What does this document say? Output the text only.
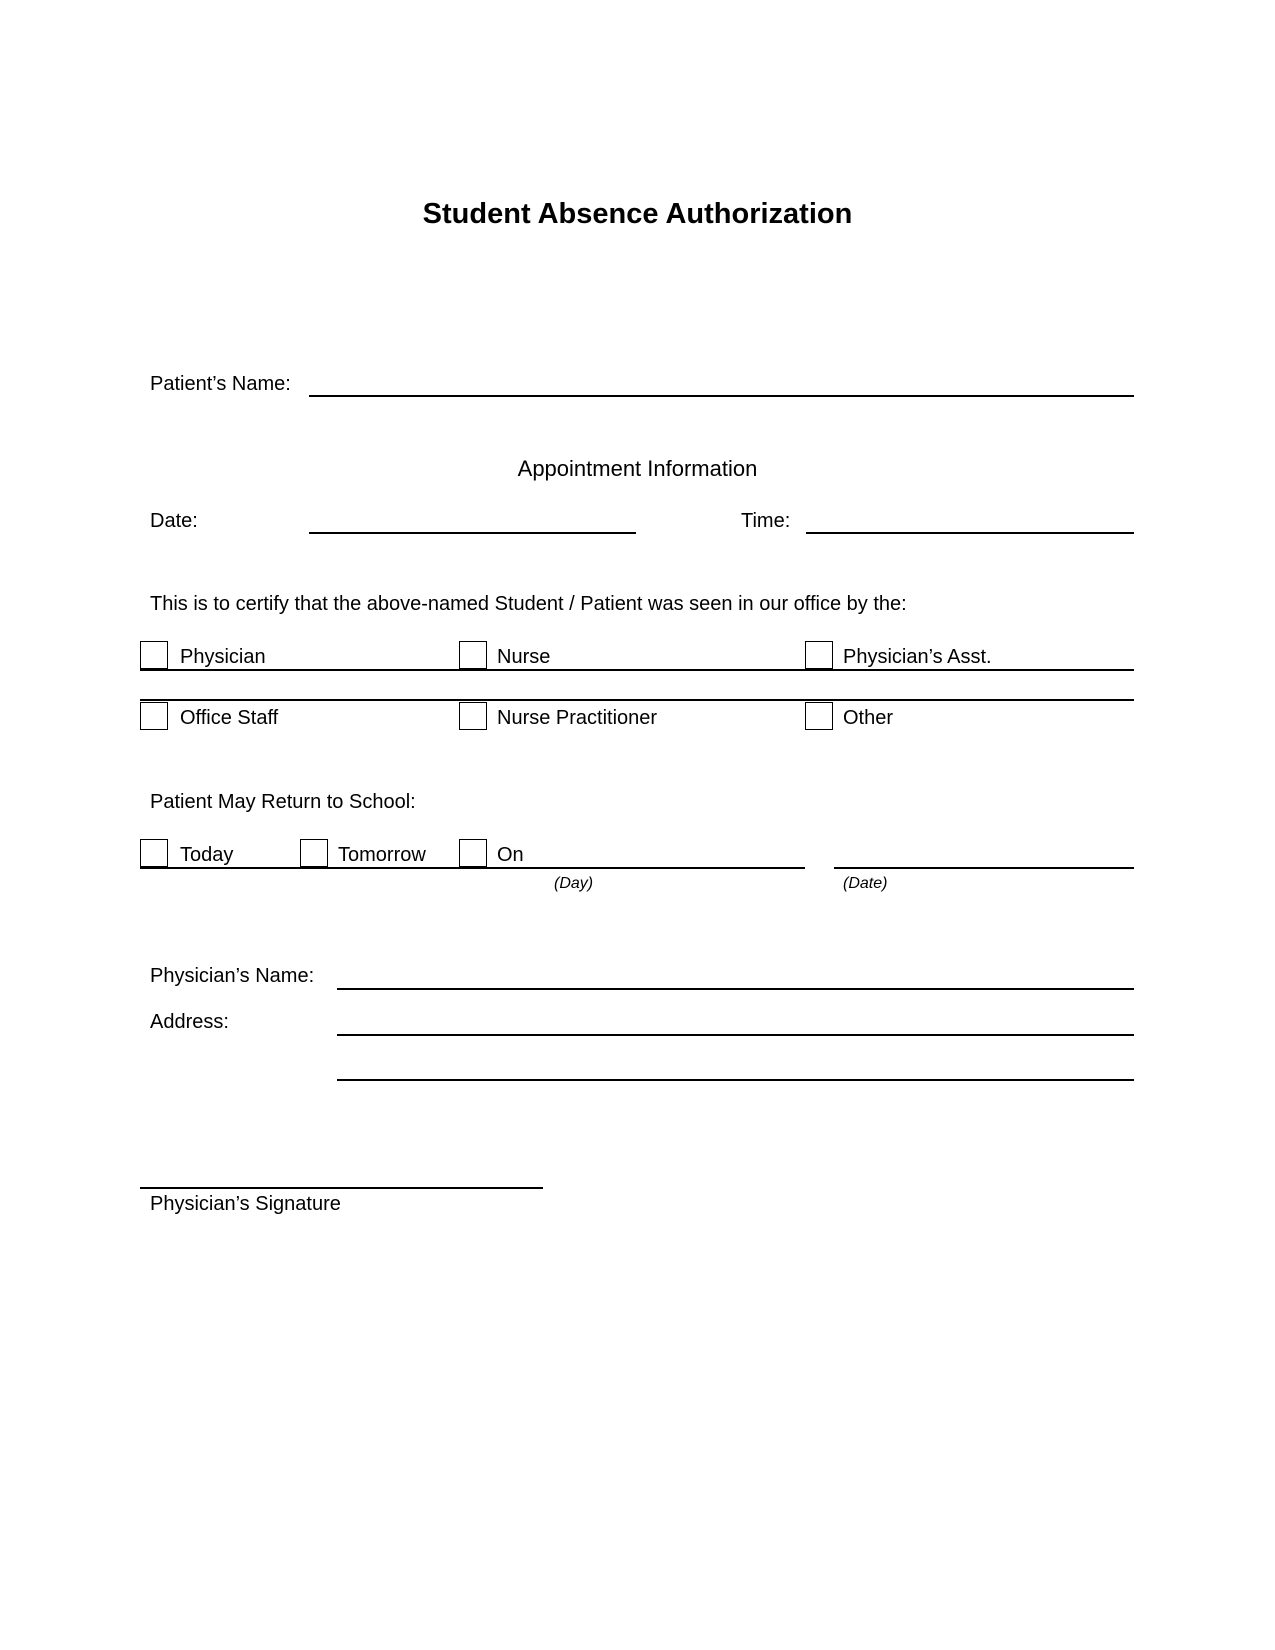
Student Absence Authorization
Patient’s Name:
Appointment Information
Date:	Time:
This is to certify that the above-named Student / Patient was seen in our office by the:
Physician	Nurse	Physician’s Asst.
Office Staff	Nurse Practitioner	Other
Patient May Return to School:
Today	Tomorrow	On
(Day)	(Date)
Physician’s Name:
Address:
Physician’s Signature
